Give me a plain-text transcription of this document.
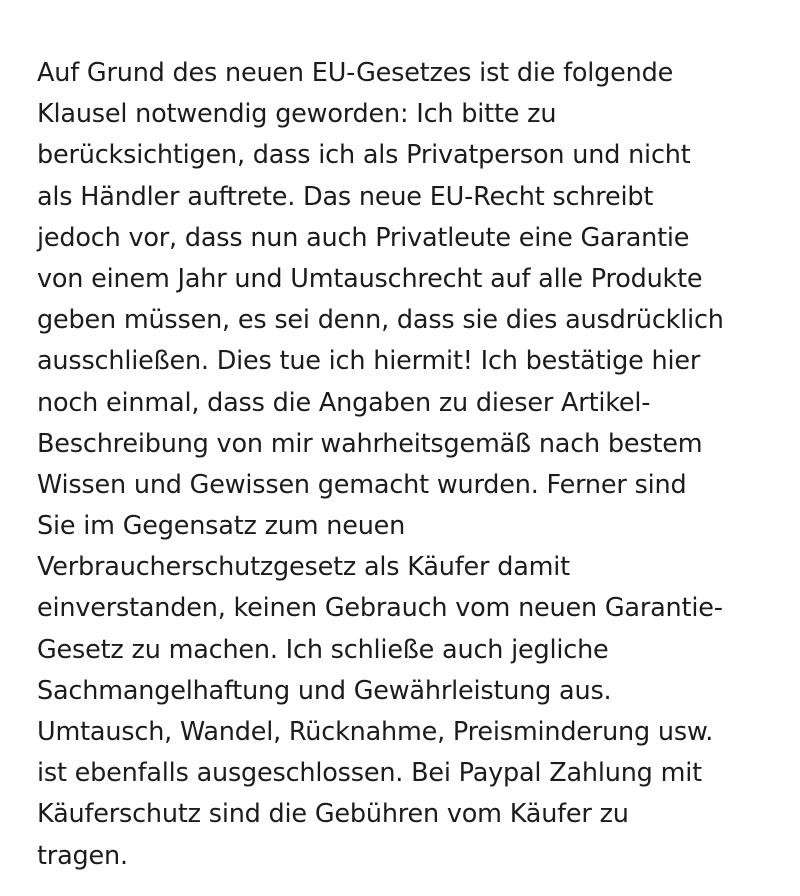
Auf Grund des neuen EU-Gesetzes ist die folgende
Klausel notwendig geworden: Ich bitte zu
berücksichtigen, dass ich als Privatperson und nicht
als Händler auftrete. Das neue EU-Recht schreibt
jedoch vor, dass nun auch Privatleute eine Garantie
von einem Jahr und Umtauschrecht auf alle Produkte
geben müssen, es sei denn, dass sie dies ausdrücklich
ausschließen. Dies tue ich hiermit! Ich bestätige hier
noch einmal, dass die Angaben zu dieser Artikel-
Beschreibung von mir wahrheitsgemäß nach bestem
Wissen und Gewissen gemacht wurden. Ferner sind
Sie im Gegensatz zum neuen
Verbraucherschutzgesetz als Käufer damit
einverstanden, keinen Gebrauch vom neuen Garantie-
Gesetz zu machen. Ich schließe auch jegliche
Sachmangelhaftung und Gewährleistung aus.
Umtausch, Wandel, Rücknahme, Preisminderung usw.
ist ebenfalls ausgeschlossen. Bei Paypal Zahlung mit
Käuferschutz sind die Gebühren vom Käufer zu
tragen.
